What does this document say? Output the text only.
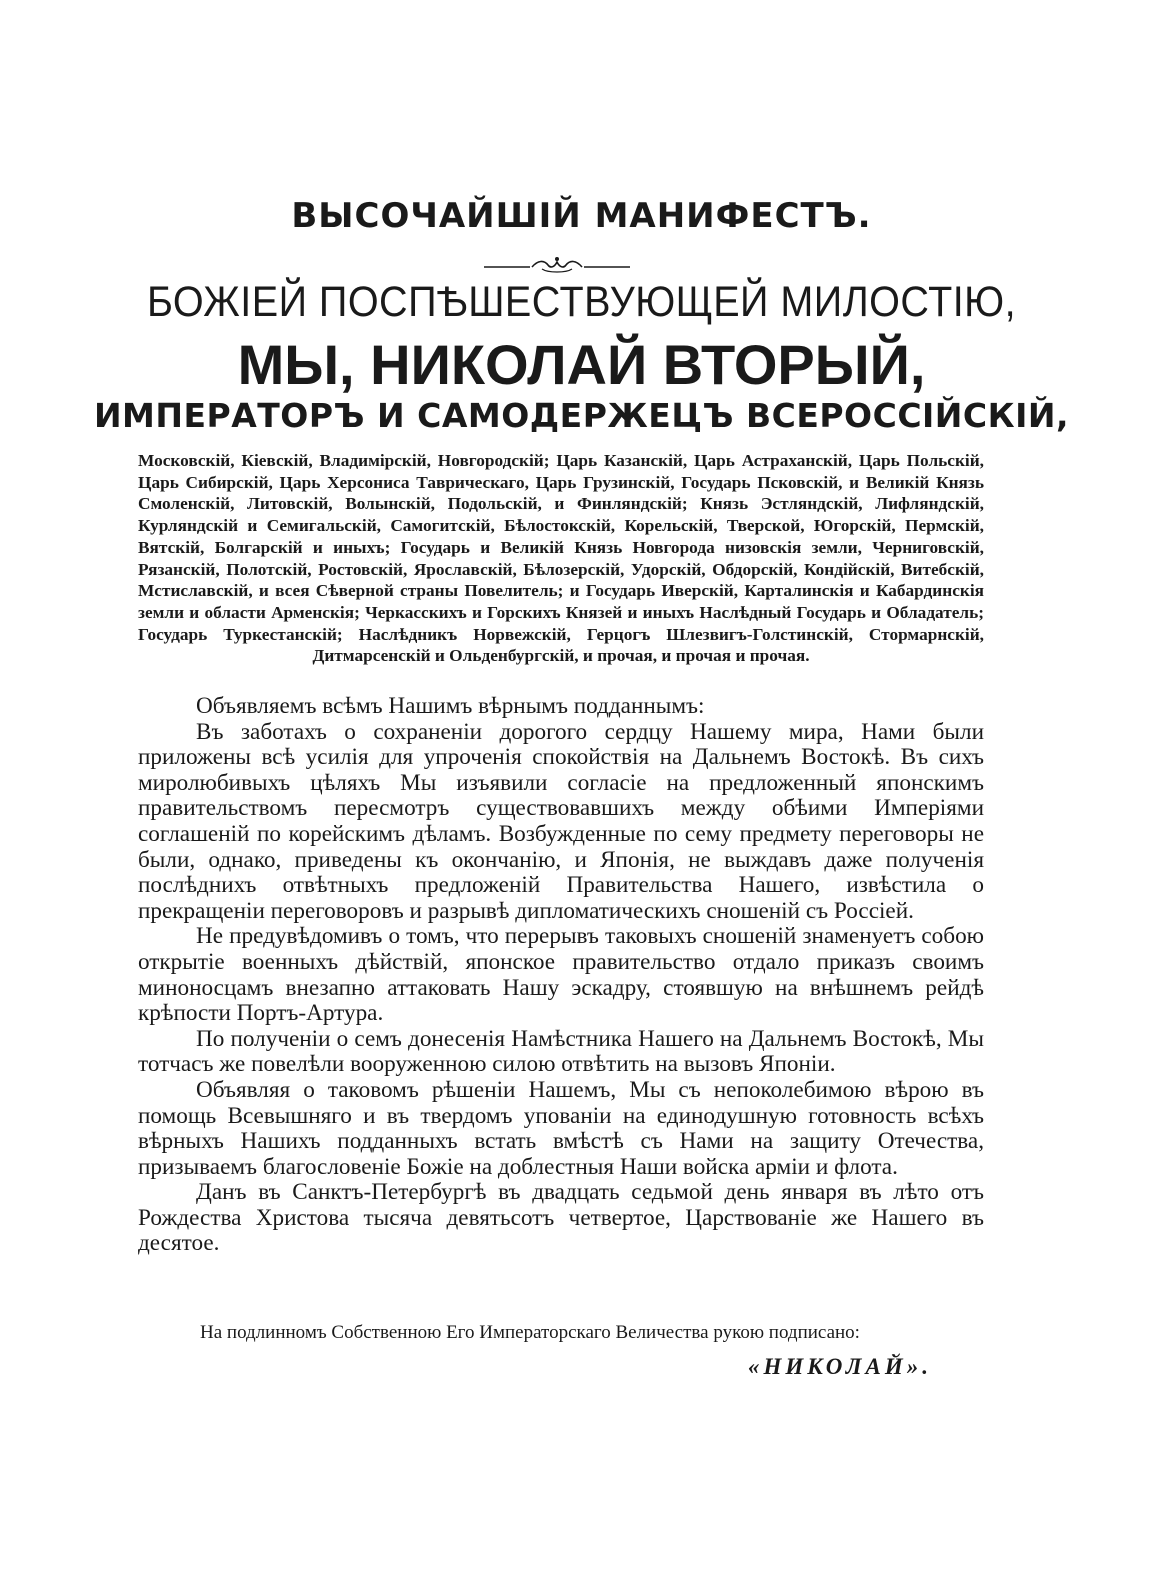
ВЫСОЧАЙШІЙ МАНИФЕСТЪ.
БОЖІЕЙ ПОСПѢШЕСТВУЮЩЕЙ МИЛОСТІЮ,
МЫ, НИКОЛАЙ ВТОРЫЙ,
ИМПЕРАТОРЪ И САМОДЕРЖЕЦЪ ВСЕРОССІЙСКІЙ,

Московскій, Кіевскій, Владимірскій, Новгородскій; Царь Казанскій, Царь Астраханскій, Царь Польскій, Царь Сибирскій, Царь Херсониса Таврическаго, Царь Грузинскій, Государь Псковскій, и Великій Князь Смоленскій, Литовскій, Волынскій, Подольскій, и Финляндскій; Князь Эстляндскій, Лифляндскій, Курляндскій и Семигальскій, Самогитскій, Бѣлостокскій, Корельскій, Тверской, Югорскій, Пермскій, Вятскій, Болгарскій и иныхъ; Государь и Великій Князь Новгорода низовскія земли, Черниговскій, Рязанскій, Полотскій, Ростовскій, Ярославскій, Бѣлозерскій, Удорскій, Обдорскій, Кондійскій, Витебскій, Мстиславскій, и всея Сѣверной страны Повелитель; и Государь Иверскій, Карталинскія и Кабардинскія земли и области Арменскія; Черкасскихъ и Горскихъ Князей и иныхъ Наслѣдный Государь и Обладатель; Государь Туркестанскій; Наслѣдникъ Норвежскій, Герцогъ Шлезвигъ-Голстинскій, Стормарнскій, Дитмарсенскій и Ольденбургскій, и прочая, и прочая и прочая.

Объявляемъ всѣмъ Нашимъ вѣрнымъ подданнымъ:

Въ заботахъ о сохраненіи дорогого сердцу Нашему мира, Нами были приложены всѣ усилія для упроченія спокойствія на Дальнемъ Востокѣ. Въ сихъ миролюбивыхъ цѣляхъ Мы изъявили согласіе на предложенный японскимъ правительствомъ пересмотръ существовавшихъ между обѣими Имперіями соглашеній по корейскимъ дѣламъ. Возбужденные по сему предмету переговоры не были, однако, приведены къ окончанію, и Японія, не выждавъ даже полученія послѣднихъ отвѣтныхъ предложеній Правительства Нашего, извѣстила о прекращеніи переговоровъ и разрывѣ дипломатическихъ сношеній съ Россіей.

Не предувѣдомивъ о томъ, что перерывъ таковыхъ сношеній знаменуетъ собою открытіе военныхъ дѣйствій, японское правительство отдало приказъ своимъ миноносцамъ внезапно аттаковать Нашу эскадру, стоявшую на внѣшнемъ рейдѣ крѣпости Портъ-Артура.

По полученіи о семъ донесенія Намѣстника Нашего на Дальнемъ Востокѣ, Мы тотчасъ же повелѣли вооруженною силою отвѣтить на вызовъ Японіи.

Объявляя о таковомъ рѣшеніи Нашемъ, Мы съ непоколебимою вѣрою въ помощь Всевышняго и въ твердомъ упованіи на единодушную готовность всѣхъ вѣрныхъ Нашихъ подданныхъ встать вмѣстѣ съ Нами на защиту Отечества, призываемъ благословеніе Божіе на доблестныя Наши войска арміи и флота.

Данъ въ Санктъ-Петербургѣ въ двадцать седьмой день января въ лѣто отъ Рождества Христова тысяча девятьсотъ четвертое, Царствованіе же Нашего въ десятое.

На подлинномъ Собственною Его Императорскаго Величества рукою подписано:
«НИКОЛАЙ».
